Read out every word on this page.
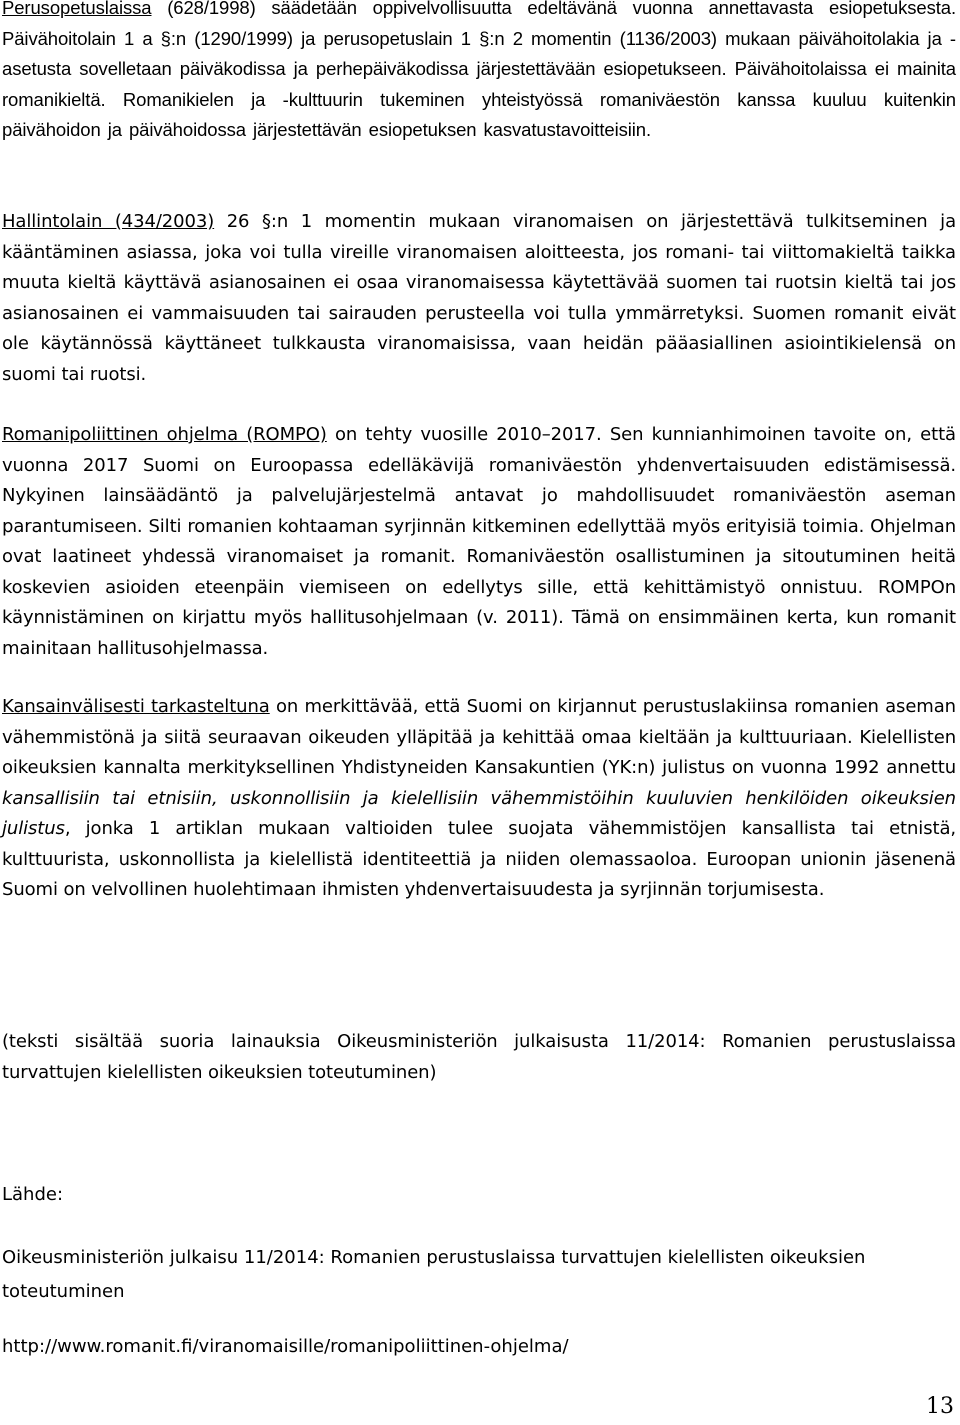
Perusopetuslaissa (628/1998) säädetään oppivelvollisuutta edeltävänä vuonna annettavasta esiopetuksesta. Päivähoitolain 1 a §:n (1290/1999) ja perusopetuslain 1 §:n 2 momentin (1136/2003) mukaan päivähoitolakia ja -asetusta sovelletaan päiväkodissa ja perhepäiväkodissa järjestettävään esiopetukseen. Päivähoitolaissa ei mainita romanikieltä. Romanikielen ja -kulttuurin tukeminen yhteistyössä romaniväestön kanssa kuuluu kuitenkin päivähoidon ja päivähoidossa järjestettävän esiopetuksen kasvatustavoitteisiin.

Hallintolain (434/2003) 26 §:n 1 momentin mukaan viranomaisen on järjestettävä tulkitseminen ja kääntäminen asiassa, joka voi tulla vireille viranomaisen aloitteesta, jos romani- tai viittomakieltä taikka muuta kieltä käyttävä asianosainen ei osaa viranomaisessa käytettävää suomen tai ruotsin kieltä tai jos asianosainen ei vammaisuuden tai sairauden perusteella voi tulla ymmärretyksi. Suomen romanit eivät ole käytännössä käyttäneet tulkkausta viranomaisissa, vaan heidän pääasiallinen asiointikielensä on suomi tai ruotsi.

Romanipoliittinen ohjelma (ROMPO) on tehty vuosille 2010–2017. Sen kunnianhimoinen tavoite on, että vuonna 2017 Suomi on Euroopassa edelläkävijä romaniväestön yhdenvertaisuuden edistämisessä. Nykyinen lainsäädäntö ja palvelujärjestelmä antavat jo mahdollisuudet romaniväestön aseman parantumiseen. Silti romanien kohtaaman syrjinnän kitkeminen edellyttää myös erityisiä toimia. Ohjelman ovat laatineet yhdessä viranomaiset ja romanit. Romaniväestön osallistuminen ja sitoutuminen heitä koskevien asioiden eteenpäin viemiseen on edellytys sille, että kehittämistyö onnistuu. ROMPOn käynnistäminen on kirjattu myös hallitusohjelmaan (v. 2011). Tämä on ensimmäinen kerta, kun romanit mainitaan hallitusohjelmassa.

Kansainvälisesti tarkasteltuna on merkittävää, että Suomi on kirjannut perustuslakiinsa romanien aseman vähemmistönä ja siitä seuraavan oikeuden ylläpitää ja kehittää omaa kieltään ja kulttuuriaan. Kielellisten oikeuksien kannalta merkityksellinen Yhdistyneiden Kansakuntien (YK:n) julistus on vuonna 1992 annettu kansallisiin tai etnisiin, uskonnollisiin ja kielellisiin vähemmistöihin kuuluvien henkilöiden oikeuksien julistus, jonka 1 artiklan mukaan valtioiden tulee suojata vähemmistöjen kansallista tai etnistä, kulttuurista, uskonnollista ja kielellistä identiteettiä ja niiden olemassaoloa. Euroopan unionin jäsenenä Suomi on velvollinen huolehtimaan ihmisten yhdenvertaisuudesta ja syrjinnän torjumisesta.

(teksti sisältää suoria lainauksia Oikeusministeriön julkaisusta 11/2014: Romanien perustuslaissa turvattujen kielellisten oikeuksien toteutuminen)

Lähde:

Oikeusministeriön julkaisu 11/2014: Romanien perustuslaissa turvattujen kielellisten oikeuksien toteutuminen

http://www.romanit.fi/viranomaisille/romanipoliittinen-ohjelma/

13
